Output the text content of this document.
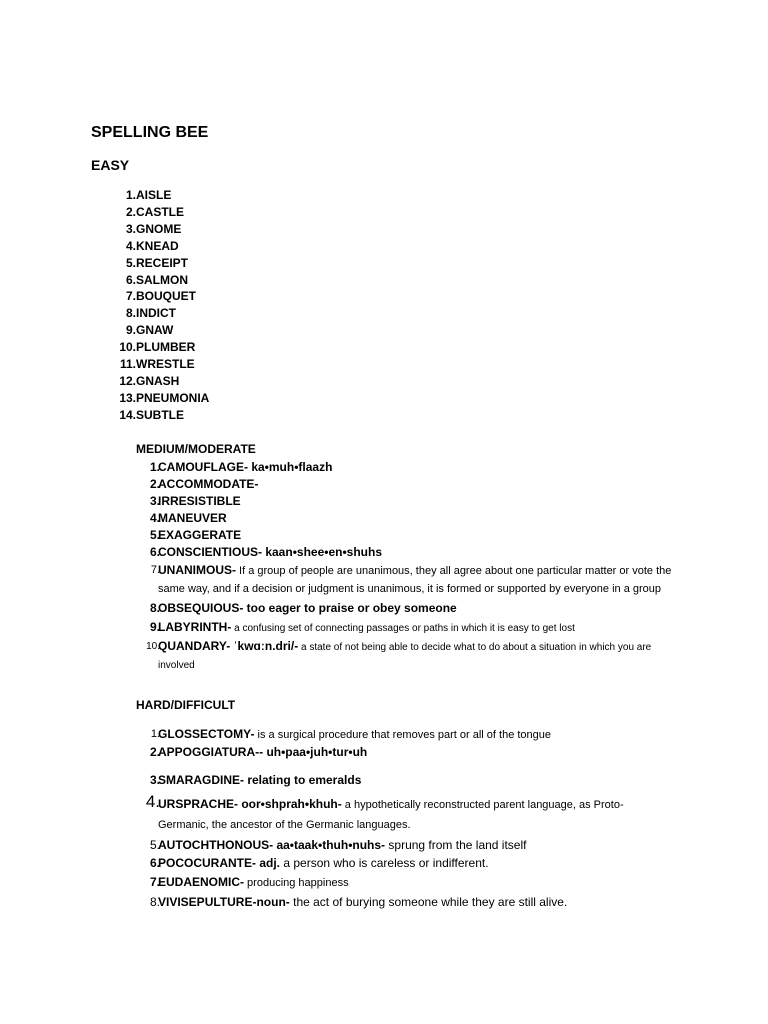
SPELLING BEE
EASY
1. AISLE
2. CASTLE
3. GNOME
4. KNEAD
5. RECEIPT
6. SALMON
7. BOUQUET
8. INDICT
9. GNAW
10. PLUMBER
11. WRESTLE
12. GNASH
13. PNEUMONIA
14. SUBTLE
MEDIUM/MODERATE
1.
CAMOUFLAGE- ka•muh•flaazh
2.
ACCOMMODATE-
3.
IRRESISTIBLE
4.
MANEUVER
5.
EXAGGERATE
6.
CONSCIENTIOUS- kaan•shee•en•shuhs
7.
UNANIMOUS- If a group of people are unanimous, they all agree about one particular matter or vote the same way, and if a decision or judgment is unanimous, it is formed or supported by everyone in a group
8.
OBSEQUIOUS- too eager to praise or obey someone
9.
LABYRINTH- a confusing set of connecting passages or paths in which it is easy to get lost
10.
QUANDARY- ˈkwɑːn.dri/- a state of not being able to decide what to do about a situation in which you are involved
HARD/DIFFICULT
1.
GLOSSECTOMY- is a surgical procedure that removes part or all of the tongue
2.
APPOGGIATURA-- uh•paa•juh•tur•uh
3.
SMARAGDINE- relating to emeralds
4.
URSPRACHE- oor•shprah•khuh- a hypothetically reconstructed parent language, as Proto-Germanic, the ancestor of the Germanic languages.
5.
AUTOCHTHONOUS- aa•taak•thuh•nuhs- sprung from the land itself
6.
POCOCURANTE- adj. a person who is careless or indifferent.
7.
EUDAENOMIC- producing happiness
8.
VIVISEPULTURE-noun- the act of burying someone while they are still alive.
